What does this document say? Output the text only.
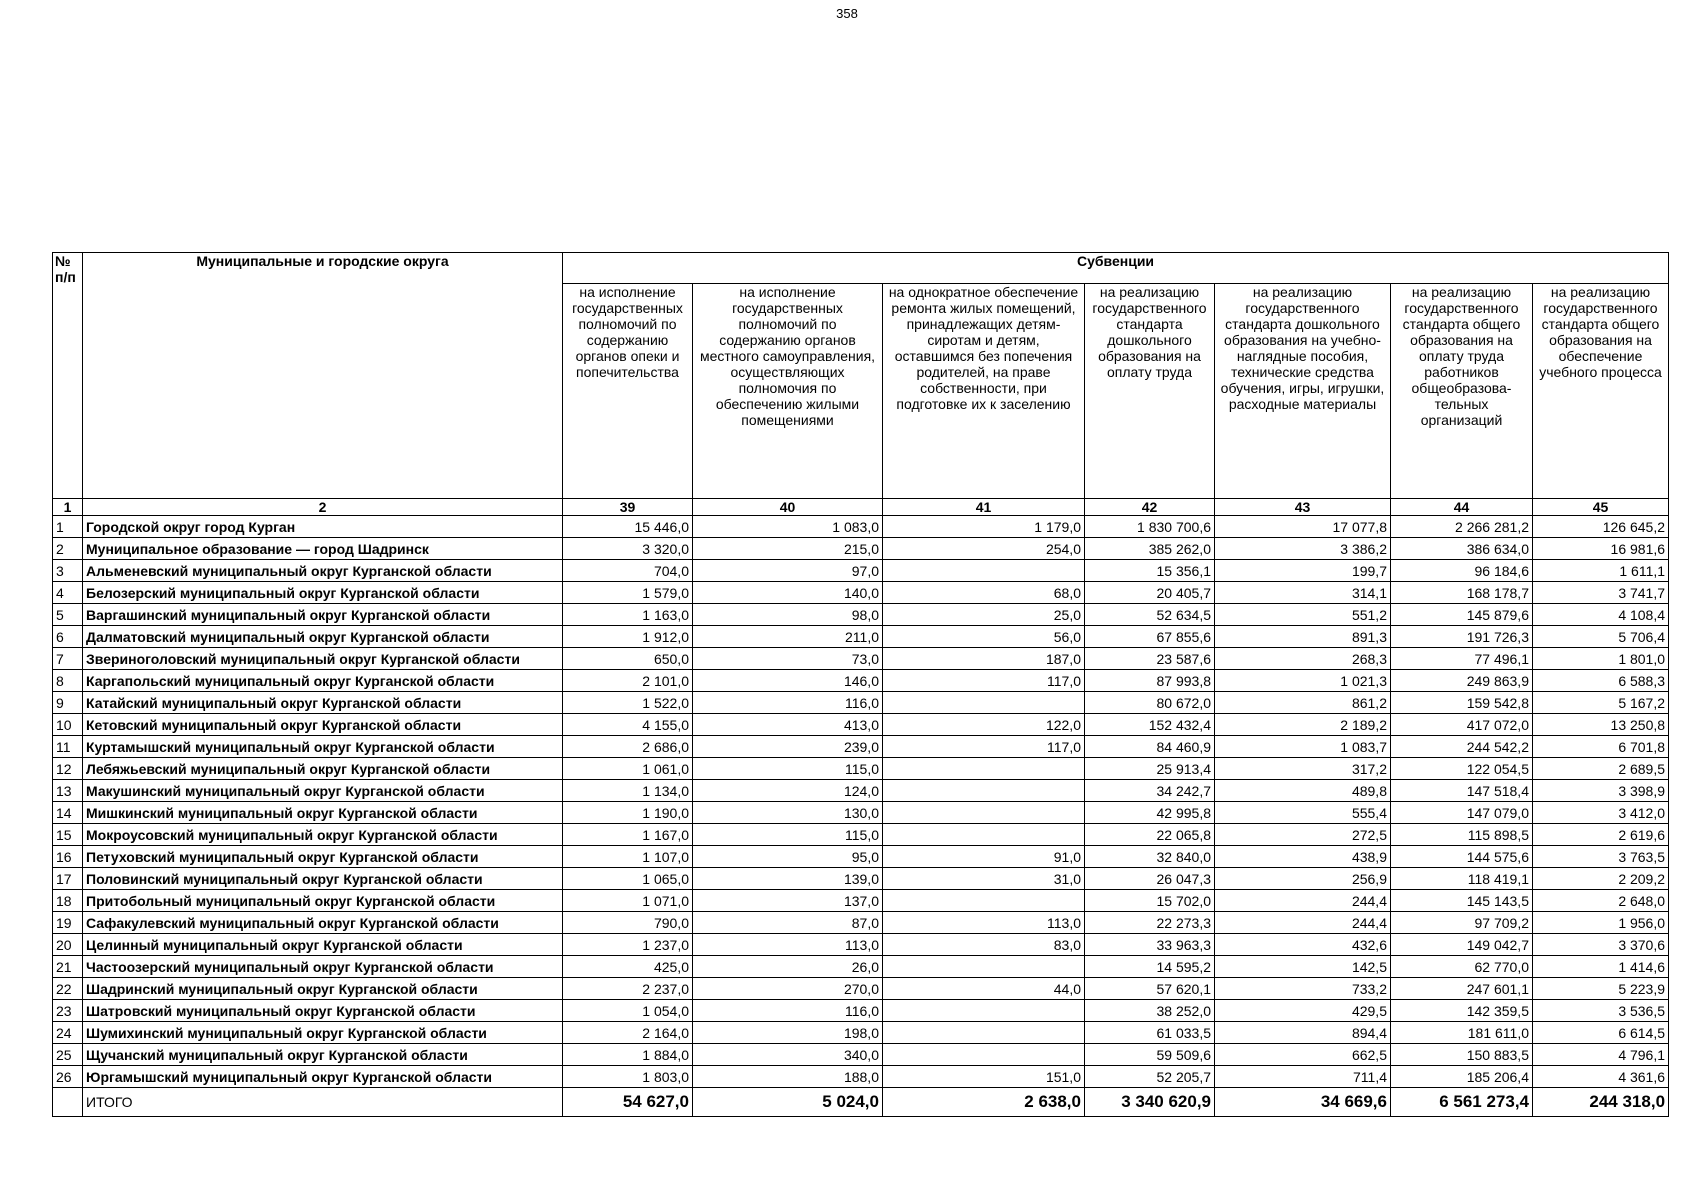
358
№ п/п	Муниципальные и городские округа	Субвенции						
		на исполнение государственных полномочий по содержанию органов опеки и попечительства	на исполнение государственных полномочий по содержанию органов местного самоуправления, осуществляющих полномочия по обеспечению жилыми помещениями	на однократное обеспечение ремонта жилых помещений, принадлежащих детям-сиротам и детям, оставшимся без попечения родителей, на праве собственности, при подготовке их к заселению	на реализацию государственного стандарта дошкольного образования на оплату труда	на реализацию государственного стандарта дошкольного образования на учебно-наглядные пособия, технические средства обучения, игры, игрушки, расходные материалы	на реализацию государственного стандарта общего образования на оплату труда работников общеобразова-тельных организаций	на реализацию государственного стандарта общего образования на обеспечение учебного процесса
1	2	39	40	41	42	43	44	45
1	Городской округ город Курган	15 446,0	1 083,0	1 179,0	1 830 700,6	17 077,8	2 266 281,2	126 645,2
2	Муниципальное образование — город Шадринск	3 320,0	215,0	254,0	385 262,0	3 386,2	386 634,0	16 981,6
3	Альменевский муниципальный округ Курганской области	704,0	97,0		15 356,1	199,7	96 184,6	1 611,1
4	Белозерский муниципальный округ Курганской области	1 579,0	140,0	68,0	20 405,7	314,1	168 178,7	3 741,7
5	Варгашинский муниципальный округ Курганской области	1 163,0	98,0	25,0	52 634,5	551,2	145 879,6	4 108,4
6	Далматовский муниципальный округ Курганской области	1 912,0	211,0	56,0	67 855,6	891,3	191 726,3	5 706,4
7	Звериноголовский муниципальный округ Курганской области	650,0	73,0	187,0	23 587,6	268,3	77 496,1	1 801,0
8	Каргапольский муниципальный округ Курганской области	2 101,0	146,0	117,0	87 993,8	1 021,3	249 863,9	6 588,3
9	Катайский муниципальный округ Курганской области	1 522,0	116,0		80 672,0	861,2	159 542,8	5 167,2
10	Кетовский муниципальный округ Курганской области	4 155,0	413,0	122,0	152 432,4	2 189,2	417 072,0	13 250,8
11	Куртамышский муниципальный округ Курганской области	2 686,0	239,0	117,0	84 460,9	1 083,7	244 542,2	6 701,8
12	Лебяжьевский муниципальный округ Курганской области	1 061,0	115,0		25 913,4	317,2	122 054,5	2 689,5
13	Макушинский муниципальный округ Курганской области	1 134,0	124,0		34 242,7	489,8	147 518,4	3 398,9
14	Мишкинский муниципальный округ Курганской области	1 190,0	130,0		42 995,8	555,4	147 079,0	3 412,0
15	Мокроусовский муниципальный округ Курганской области	1 167,0	115,0		22 065,8	272,5	115 898,5	2 619,6
16	Петуховский муниципальный округ Курганской области	1 107,0	95,0	91,0	32 840,0	438,9	144 575,6	3 763,5
17	Половинский муниципальный округ Курганской области	1 065,0	139,0	31,0	26 047,3	256,9	118 419,1	2 209,2
18	Притобольный муниципальный округ Курганской области	1 071,0	137,0		15 702,0	244,4	145 143,5	2 648,0
19	Сафакулевский муниципальный округ Курганской области	790,0	87,0	113,0	22 273,3	244,4	97 709,2	1 956,0
20	Целинный муниципальный округ Курганской области	1 237,0	113,0	83,0	33 963,3	432,6	149 042,7	3 370,6
21	Частоозерский муниципальный округ Курганской области	425,0	26,0		14 595,2	142,5	62 770,0	1 414,6
22	Шадринский муниципальный округ Курганской области	2 237,0	270,0	44,0	57 620,1	733,2	247 601,1	5 223,9
23	Шатровский муниципальный округ Курганской области	1 054,0	116,0		38 252,0	429,5	142 359,5	3 536,5
24	Шумихинский муниципальный округ Курганской области	2 164,0	198,0		61 033,5	894,4	181 611,0	6 614,5
25	Щучанский муниципальный округ Курганской области	1 884,0	340,0		59 509,6	662,5	150 883,5	4 796,1
26	Юргамышский муниципальный округ Курганской области	1 803,0	188,0	151,0	52 205,7	711,4	185 206,4	4 361,6
	ИТОГО	54 627,0	5 024,0	2 638,0	3 340 620,9	34 669,6	6 561 273,4	244 318,0
